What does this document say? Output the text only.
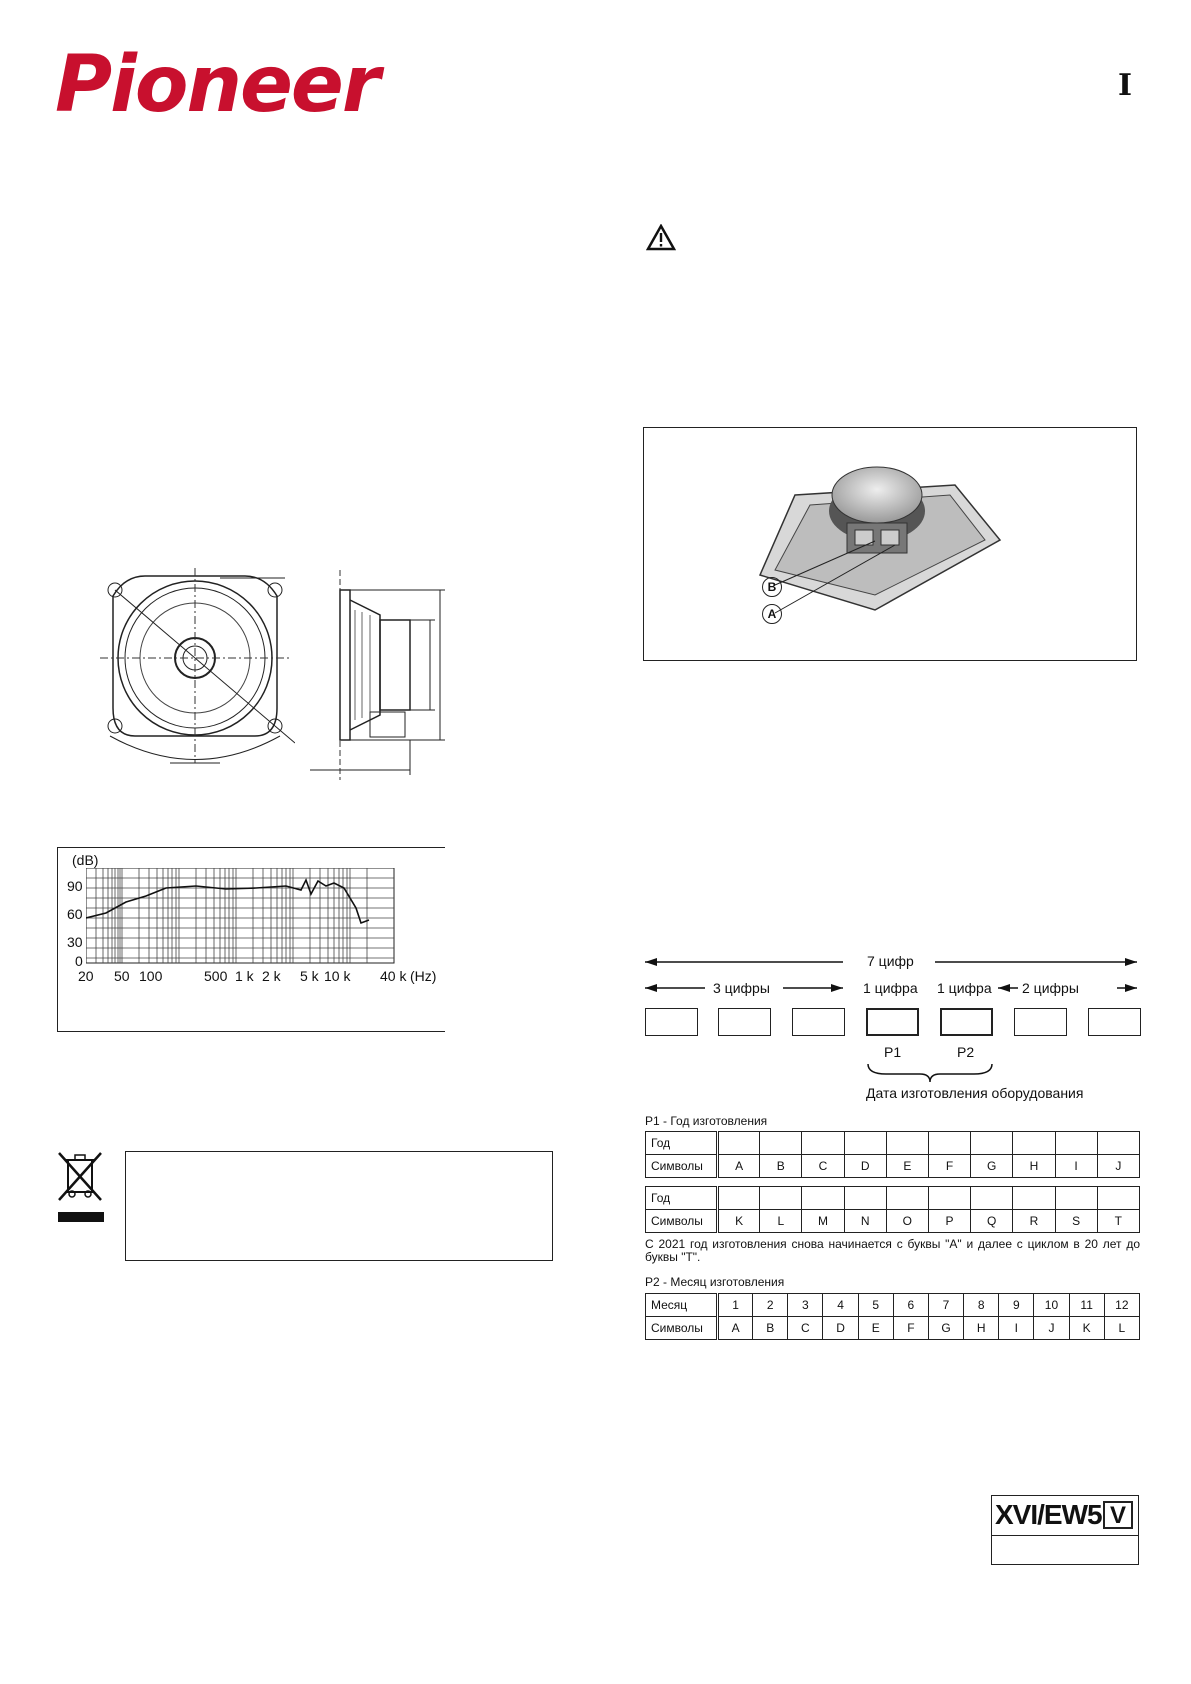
Pioneer	I
(dB)
90
60
30
0
20 50 100	500 1 k 2 k 5 k 10 k 40 k (Hz)
B
A
7 цифр
3 цифры	1 цифра 1 цифра 2 цифры
P1	P2
Дата изготовления оборудования
P1 - Год изготовления
Год										
Символы	A	B	C	D	E	F	G	H	I	J
Год										
Символы	K	L	M	N	O	P	Q	R	S	T
С 2021 год изготовления снова начинается с буквы "A" и далее с циклом в 20 лет до буквы "T".
P2 - Месяц изготовления
Месяц	1	2	3	4	5	6	7	8	9	10	11	12
Символы	A	B	C	D	E	F	G	H	I	J	K	L
XVI/EW5 V
